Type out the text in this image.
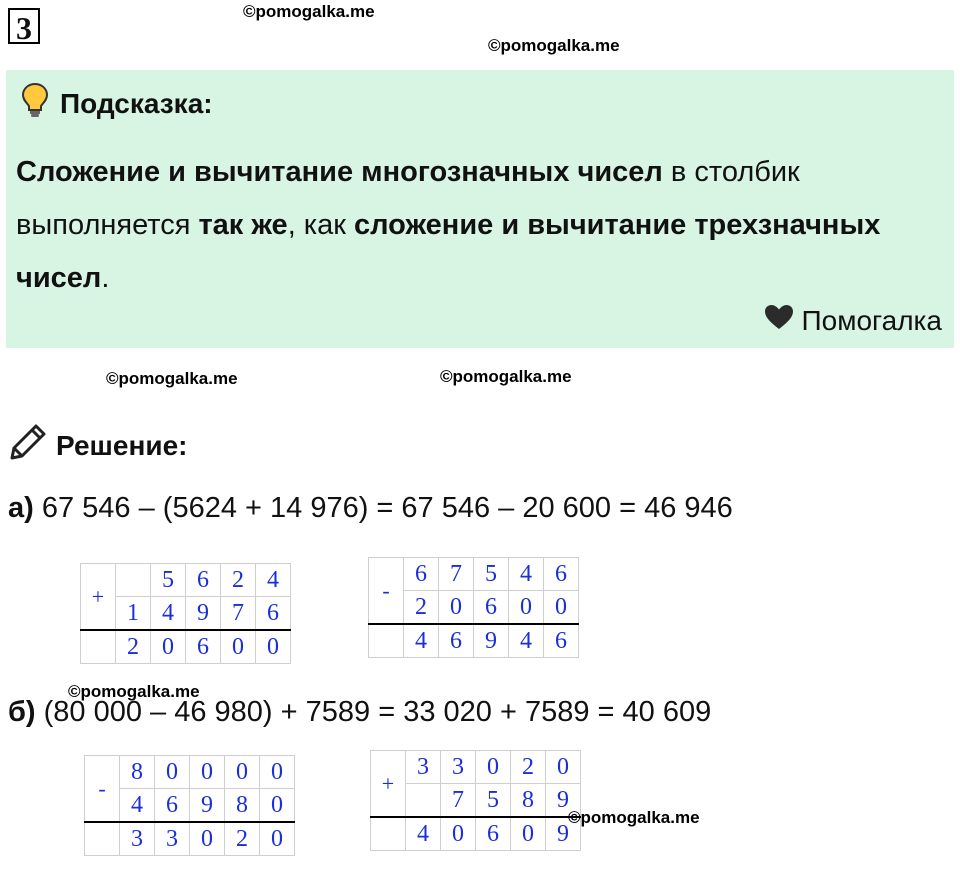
3	©pomogalka.me
©pomogalka.me
Подсказка:
Сложение и вычитание многозначных чисел в столбик выполняется так же, как сложение и вычитание трехзначных чисел.
Помогалка
©pomogalka.me	©pomogalka.me
Решение:
а) 67 546 – (5624 + 14 976) = 67 546 – 20 600 = 46 946
+		5	6	2	4
	1	4	9	7	6
	2	0	6	0	0
-	6	7	5	4	6
	2	0	6	0	0
	4	6	9	4	6
б) (80 000 – 46 980) + 7589 = 33 020 + 7589 = 40 609
©pomogalka.me
-	8	0	0	0	0
	4	6	9	8	0
	3	3	0	2	0
+	3	3	0	2	0
		7	5	8	9
	4	0	6	0	9
©pomogalka.me
